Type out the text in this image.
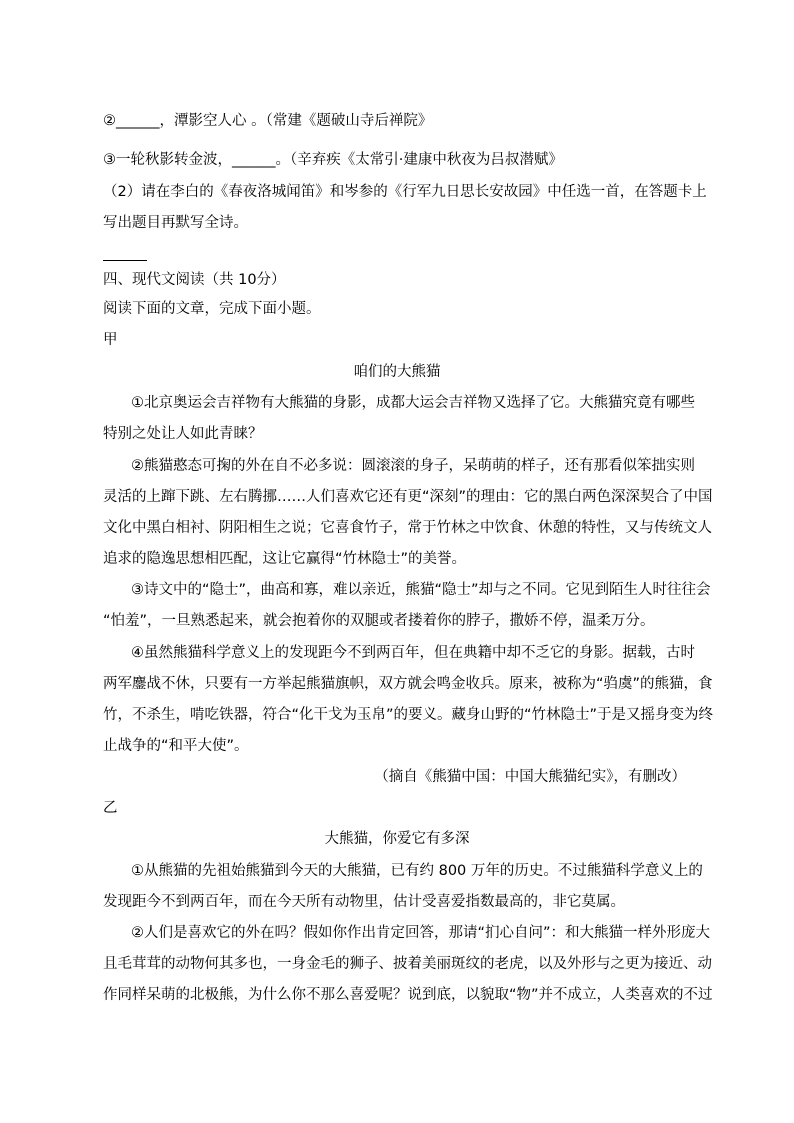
②______，潭影空人心 。（常建《题破山寺后禅院》
③一轮秋影转金波，______。（辛弃疾《太常引·建康中秋夜为吕叔潜赋》
（2）请在李白的《春夜洛城闻笛》和岑参的《行军九日思长安故园》中任选一首，在答题卡上
写出题目再默写全诗。
四、现代文阅读（共 10分）
阅读下面的文章，完成下面小题。
甲
咱们的大熊猫
①北京奥运会吉祥物有大熊猫的身影，成都大运会吉祥物又选择了它。大熊猫究竟有哪些
特别之处让人如此青睐？
②熊猫憨态可掬的外在自不必多说：圆滚滚的身子，呆萌萌的样子，还有那看似笨拙实则
灵活的上蹿下跳、左右腾挪……人们喜欢它还有更“深刻”的理由：它的黑白两色深深契合了中国
文化中黑白相衬、阴阳相生之说；它喜食竹子，常于竹林之中饮食、休憩的特性，又与传统文人
追求的隐逸思想相匹配，这让它赢得“竹林隐士”的美誉。
③诗文中的“隐士”，曲高和寡，难以亲近，熊猫“隐士”却与之不同。它见到陌生人时往往会
“怕羞”，一旦熟悉起来，就会抱着你的双腿或者搂着你的脖子，撒娇不停，温柔万分。
④虽然熊猫科学意义上的发现距今不到两百年，但在典籍中却不乏它的身影。据载，古时
两军鏖战不休，只要有一方举起熊猫旗帜，双方就会鸣金收兵。原来，被称为“驺虞”的熊猫，食
竹，不杀生，啃吃铁器，符合“化干戈为玉帛”的要义。藏身山野的“竹林隐士”于是又摇身变为终
止战争的“和平大使”。
（摘自《熊猫中国：中国大熊猫纪实》，有删改）
乙
大熊猫，你爱它有多深
①从熊猫的先祖始熊猫到今天的大熊猫，已有约 800 万年的历史。不过熊猫科学意义上的
发现距今不到两百年，而在今天所有动物里，估计受喜爱指数最高的，非它莫属。
②人们是喜欢它的外在吗？假如你作出肯定回答，那请“扪心自问”：和大熊猫一样外形庞大
且毛茸茸的动物何其多也，一身金毛的狮子、披着美丽斑纹的老虎，以及外形与之更为接近、动
作同样呆萌的北极熊，为什么你不那么喜爱呢？说到底，以貌取“物”并不成立，人类喜欢的不过
